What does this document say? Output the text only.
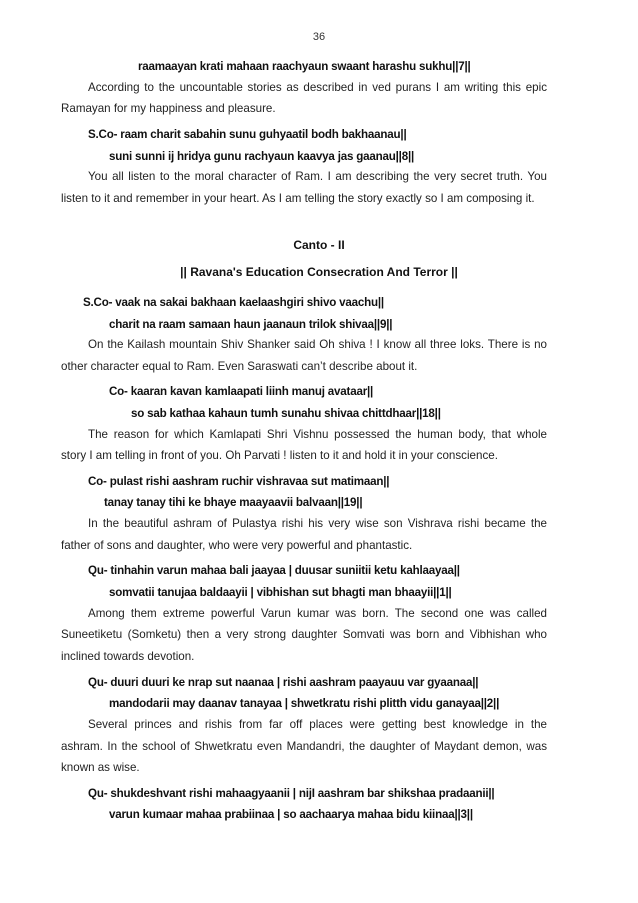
36
raamaayan krati mahaan raachyaun swaant harashu sukhu||7||
According to the uncountable stories as described in ved purans I am writing this epic
Ramayan for my happiness and pleasure.
S.Co- raam charit sabahin sunu guhyaatil bodh bakhaanau||
suni sunni ij hridya gunu rachyaun kaavya jas gaanau||8||
You all listen to the moral character of Ram. I am describing the very secret truth. You
listen to it and remember in your heart. As I am telling the story exactly so I am composing it.
Canto - II
|| Ravana's Education Consecration And Terror ||
S.Co- vaak na sakai bakhaan kaelaashgiri shivo vaachu||
charit na raam samaan haun jaanaun trilok shivaa||9||
On the Kailash mountain Shiv Shanker said Oh shiva ! I know all three loks. There is no
other character equal to Ram. Even Saraswati can’t describe about it.
Co- kaaran kavan kamlaapati liinh manuj avataar||
so sab kathaa kahaun tumh sunahu shivaa chittdhaar||18||
The reason for which Kamlapati Shri Vishnu possessed the human body, that whole
story I am telling in front of you. Oh Parvati ! listen to it and hold it in your conscience.
Co- pulast rishi aashram ruchir vishravaa sut matimaan||
tanay tanay tihi ke bhaye maayaavii balvaan||19||
In the beautiful ashram of Pulastya rishi his very wise son Vishrava rishi became the
father of sons and daughter, who were very powerful and phantastic.
Qu- tinhahin varun mahaa bali jaayaa | duusar suniitii ketu kahlaayaa||
somvatii tanujaa baldaayii | vibhishan sut bhagti man bhaayii||1||
Among them extreme powerful Varun kumar was born. The second one was called
Suneetiketu (Somketu) then a very strong daughter Somvati was born and Vibhishan who
inclined towards devotion.
Qu- duuri duuri ke nrap sut naanaa | rishi aashram paayauu var gyaanaa||
mandodarii may daanav tanayaa | shwetkratu rishi plitth vidu ganayaa||2||
Several princes and rishis from far off places were getting best knowledge in the
ashram. In the school of Shwetkratu even Mandandri, the daughter of Maydant demon, was
known as wise.
Qu- shukdeshvant rishi mahaagyaanii | nijI aashram bar shikshaa pradaanii||
varun kumaar mahaa prabiinaa | so aachaarya mahaa bidu kiinaa||3||
